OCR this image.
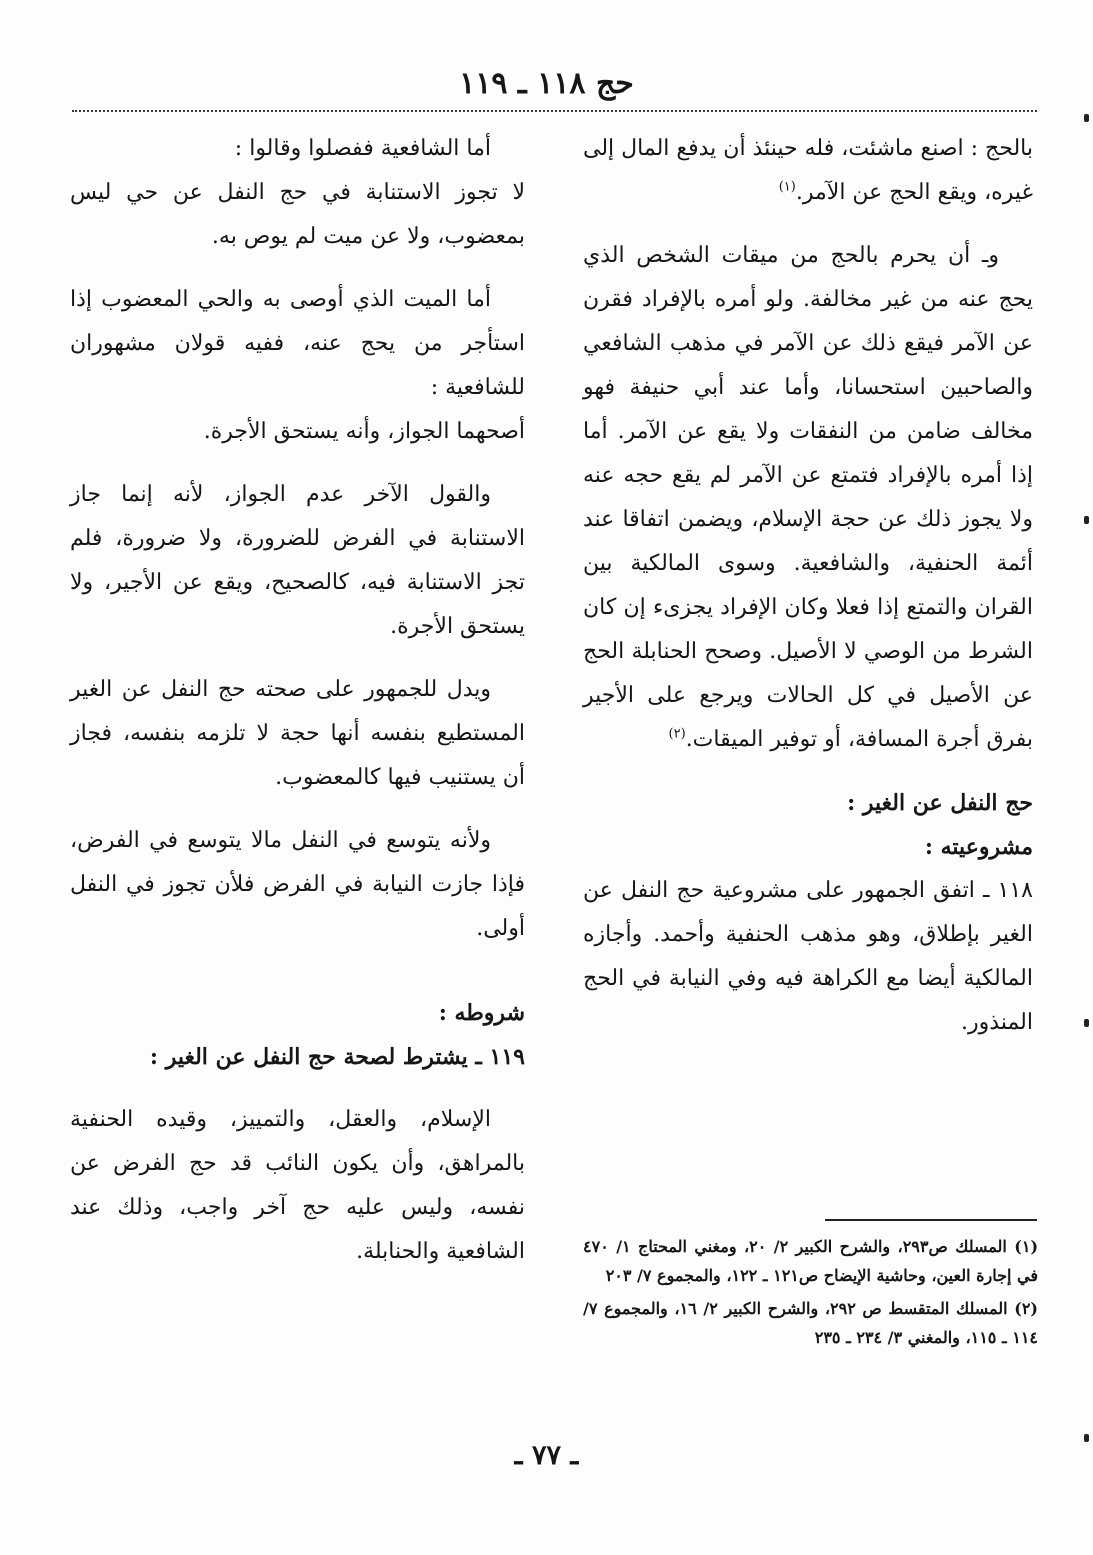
حج ١١٨ ـ ١١٩

بالحج : اصنع ماشئت، فله حينئذ أن يدفع المال إلى غيره، ويقع الحج عن الآمر.$^{(١)}$

وـ أن يحرم بالحج من ميقات الشخص الذي يحج عنه من غير مخالفة. ولو أمره بالإفراد فقرن عن الآمر فيقع ذلك عن الآمر في مذهب الشافعي والصاحبين استحسانا، وأما عند أبي حنيفة فهو مخالف ضامن من النفقات ولا يقع عن الآمر. أما إذا أمره بالإفراد فتمتع عن الآمر لم يقع حجه عنه ولا يجوز ذلك عن حجة الإسلام، ويضمن اتفاقا عند أئمة الحنفية، والشافعية. وسوى المالكية بين القران والتمتع إذا فعلا وكان الإفراد يجزىء إن كان الشرط من الوصي لا الأصيل. وصحح الحنابلة الحج عن الأصيل في كل الحالات ويرجع على الأجير بفرق أجرة المسافة، أو توفير الميقات.$^{(٢)}$

حج النفل عن الغير :

مشروعيته :

١١٨ ـ اتفق الجمهور على مشروعية حج النفل عن الغير بإطلاق، وهو مذهب الحنفية وأحمد. وأجازه المالكية أيضا مع الكراهة فيه وفي النيابة في الحج المنذور.

أما الشافعية ففصلوا وقالوا :

لا تجوز الاستنابة في حج النفل عن حي ليس بمعضوب، ولا عن ميت لم يوص به.

أما الميت الذي أوصى به والحي المعضوب إذا استأجر من يحج عنه، ففيه قولان مشهوران للشافعية :

أصحهما الجواز، وأنه يستحق الأجرة.

والقول الآخر عدم الجواز، لأنه إنما جاز الاستنابة في الفرض للضرورة، ولا ضرورة، فلم تجز الاستنابة فيه، كالصحيح، ويقع عن الأجير، ولا يستحق الأجرة.

ويدل للجمهور على صحته حج النفل عن الغير المستطيع بنفسه أنها حجة لا تلزمه بنفسه، فجاز أن يستنيب فيها كالمعضوب.

ولأنه يتوسع في النفل مالا يتوسع في الفرض، فإذا جازت النيابة في الفرض فلأن تجوز في النفل أولى.

شروطه :

١١٩ ـ يشترط لصحة حج النفل عن الغير :

الإسلام، والعقل، والتمييز، وقيده الحنفية بالمراهق، وأن يكون النائب قد حج الفرض عن نفسه، وليس عليه حج آخر واجب، وذلك عند الشافعية والحنابلة.	(١) المسلك ص٢٩٣، والشرح الكبير ٢/ ٢٠، ومغني المحتاج ١/ ٤٧٠ في إجارة العين، وحاشية الإيضاح ص١٢١ ـ ١٢٢، والمجموع ٧/ ٢٠٣

(٢) المسلك المتقسط ص ٢٩٢، والشرح الكبير ٢/ ١٦، والمجموع ٧/ ١١٤ ـ ١١٥، والمغني ٣/ ٢٣٤ ـ ٢٣٥

ـ ٧٧ ـ
